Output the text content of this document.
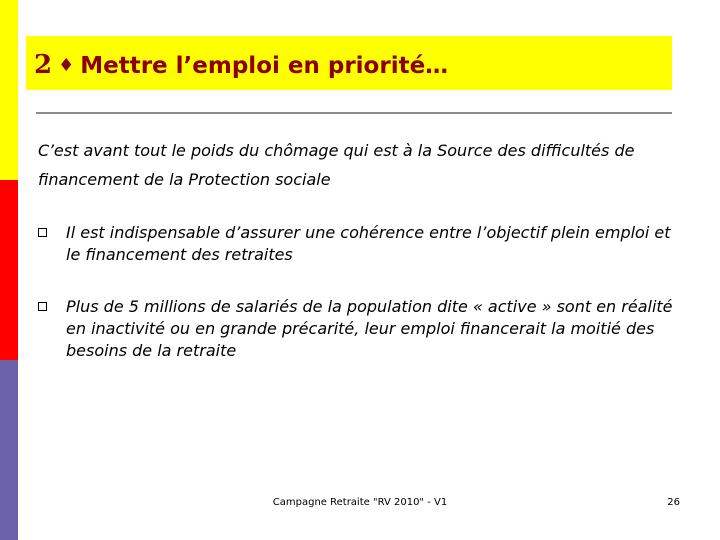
2 ♦ Mettre l’emploi en priorité…
C’est avant tout le poids du chômage qui est à la Source des difficultés de financement de la Protection sociale
Il est indispensable d’assurer une cohérence entre l’objectif plein emploi et le financement des retraites
Plus de 5 millions de salariés de la population dite « active » sont en réalité en inactivité ou en grande précarité, leur emploi financerait la moitié des besoins de la retraite
Campagne Retraite "RV 2010" - V1	26
